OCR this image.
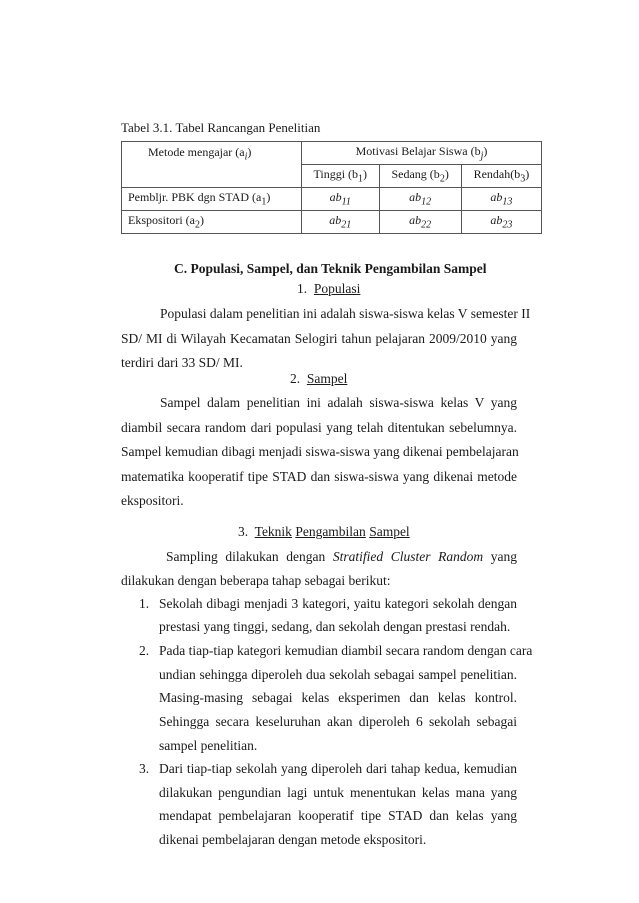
Tabel 3.1. Tabel Rancangan Penelitian
Metode mengajar $(a_i)$	Motivasi Belajar Siswa $(b_j)$		
	Tinggi $(b_1)$	Sedang $(b_2)$	$Rendah(b_3)$
Pembljr. PBK dgn STAD $(a_1)$	$ab_{11}$	$ab_{12}$	$ab_{13}$
Ekspositori $(a_2)$	$ab_{21}$	$ab_{22}$	$ab_{23}$
C. Populasi, Sampel, dan Teknik Pengambilan Sampel
1. Populasi
Populasi dalam penelitian ini adalah siswa-siswa kelas V semester II
SD/ MI di Wilayah Kecamatan Selogiri tahun pelajaran 2009/2010 yang
terdiri dari 33 SD/ MI.
2. Sampel
Sampel dalam penelitian ini adalah siswa-siswa kelas V yang
diambil secara random dari populasi yang telah ditentukan sebelumnya.
Sampel kemudian dibagi menjadi siswa-siswa yang dikenai pembelajaran
matematika kooperatif tipe STAD dan siswa-siswa yang dikenai metode
ekspositori.
3. Teknik Pengambilan Sampel
Sampling dilakukan dengan Stratified Cluster Random yang
dilakukan dengan beberapa tahap sebagai berikut:
1. Sekolah dibagi menjadi 3 kategori, yaitu kategori sekolah dengan
prestasi yang tinggi, sedang, dan sekolah dengan prestasi rendah.
2. Pada tiap-tiap kategori kemudian diambil secara random dengan cara
undian sehingga diperoleh dua sekolah sebagai sampel penelitian.
Masing-masing sebagai kelas eksperimen dan kelas kontrol.
Sehingga secara keseluruhan akan diperoleh 6 sekolah sebagai
sampel penelitian.
3. Dari tiap-tiap sekolah yang diperoleh dari tahap kedua, kemudian
dilakukan pengundian lagi untuk menentukan kelas mana yang
mendapat pembelajaran kooperatif tipe STAD dan kelas yang
dikenai pembelajaran dengan metode ekspositori.
